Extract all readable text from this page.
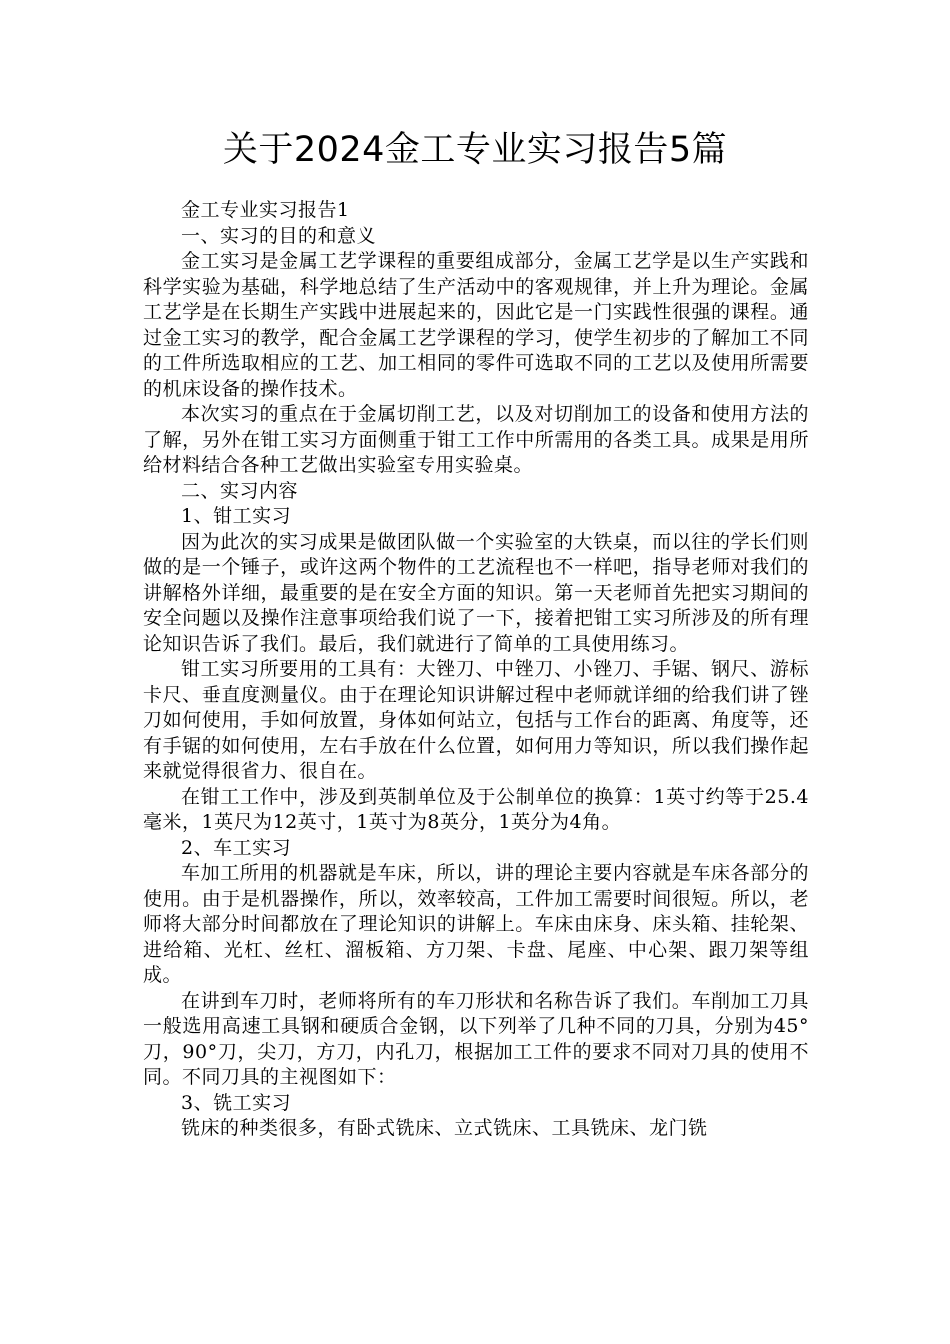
关于2024金工专业实习报告5篇

金工专业实习报告1

一、实习的目的和意义

金工实习是金属工艺学课程的重要组成部分，金属工艺学是以生产实践和科学实验为基础，科学地总结了生产活动中的客观规律，并上升为理论。金属工艺学是在长期生产实践中进展起来的，因此它是一门实践性很强的课程。通过金工实习的教学，配合金属工艺学课程的学习，使学生初步的了解加工不同的工件所选取相应的工艺、加工相同的零件可选取不同的工艺以及使用所需要的机床设备的操作技术。

本次实习的重点在于金属切削工艺，以及对切削加工的设备和使用方法的了解，另外在钳工实习方面侧重于钳工工作中所需用的各类工具。成果是用所给材料结合各种工艺做出实验室专用实验桌。

二、实习内容

1、钳工实习

因为此次的实习成果是做团队做一个实验室的大铁桌，而以往的学长们则做的是一个锤子，或许这两个物件的工艺流程也不一样吧，指导老师对我们的讲解格外详细，最重要的是在安全方面的知识。第一天老师首先把实习期间的安全问题以及操作注意事项给我们说了一下，接着把钳工实习所涉及的所有理论知识告诉了我们。最后，我们就进行了简单的工具使用练习。

钳工实习所要用的工具有：大锉刀、中锉刀、小锉刀、手锯、钢尺、游标卡尺、垂直度测量仪。由于在理论知识讲解过程中老师就详细的给我们讲了锉刀如何使用，手如何放置，身体如何站立，包括与工作台的距离、角度等，还有手锯的如何使用，左右手放在什么位置，如何用力等知识，所以我们操作起来就觉得很省力、很自在。

在钳工工作中，涉及到英制单位及于公制单位的换算：1英寸约等于25.4毫米，1英尺为12英寸，1英寸为8英分，1英分为4角。

2、车工实习

车加工所用的机器就是车床，所以，讲的理论主要内容就是车床各部分的使用。由于是机器操作，所以，效率较高，工件加工需要时间很短。所以，老师将大部分时间都放在了理论知识的讲解上。车床由床身、床头箱、挂轮架、进给箱、光杠、丝杠、溜板箱、方刀架、卡盘、尾座、中心架、跟刀架等组成。

在讲到车刀时，老师将所有的车刀形状和名称告诉了我们。车削加工刀具一般选用高速工具钢和硬质合金钢，以下列举了几种不同的刀具，分别为45°刀，90°刀，尖刀，方刀，内孔刀，根据加工工件的要求不同对刀具的使用不同。不同刀具的主视图如下：

3、铣工实习

铣床的种类很多，有卧式铣床、立式铣床、工具铣床、龙门铣
